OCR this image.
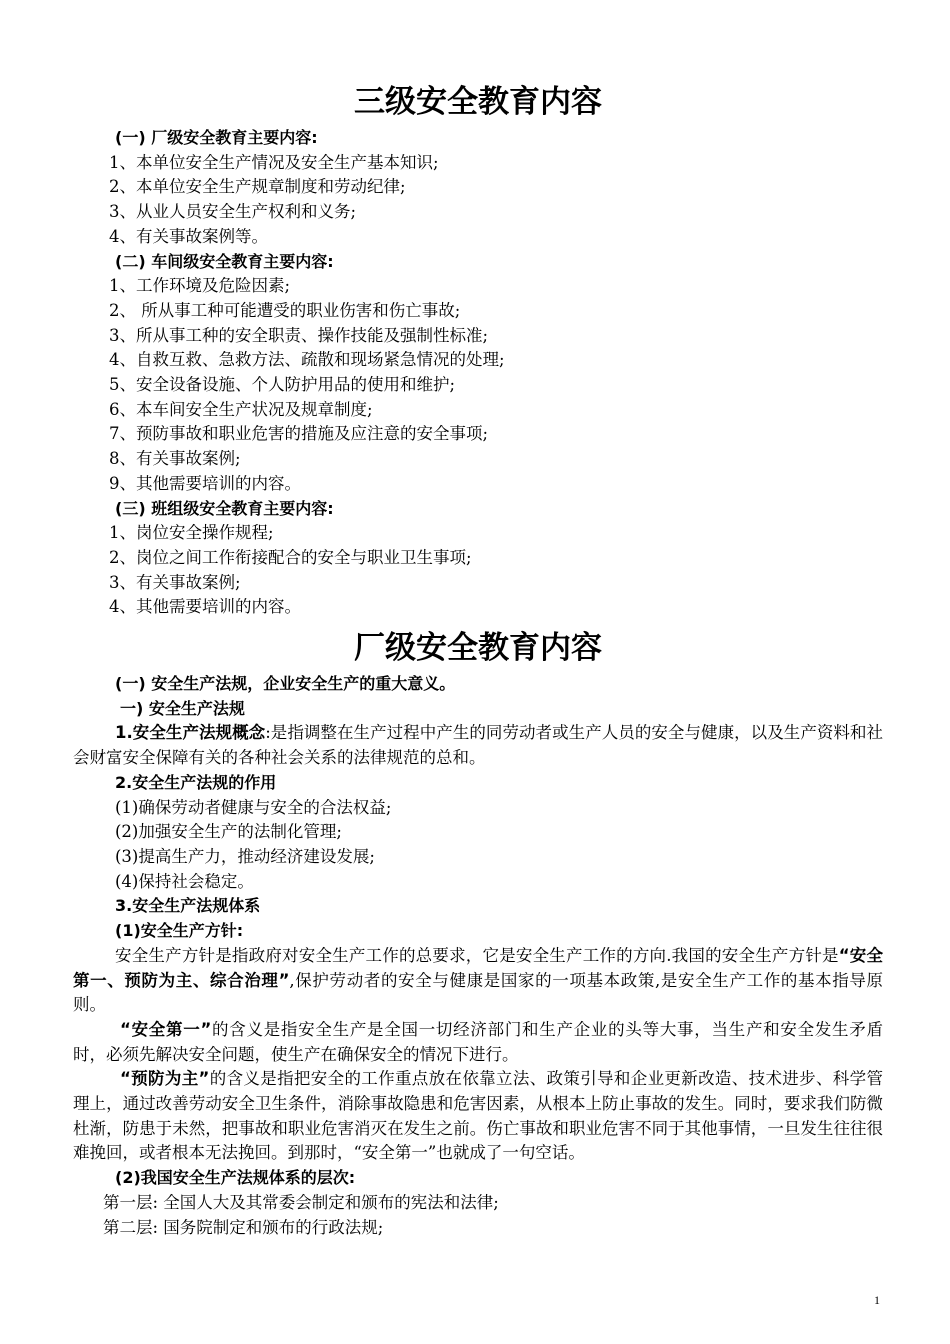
三级安全教育内容

(一) 厂级安全教育主要内容:

1、本单位安全生产情况及安全生产基本知识;

2、本单位安全生产规章制度和劳动纪律;

3、从业人员安全生产权利和义务;

4、有关事故案例等。

(二) 车间级安全教育主要内容:

1、工作环境及危险因素;

2、 所从事工种可能遭受的职业伤害和伤亡事故;

3、所从事工种的安全职责、操作技能及强制性标准;

4、自救互救、急救方法、疏散和现场紧急情况的处理;

5、安全设备设施、个人防护用品的使用和维护;

6、本车间安全生产状况及规章制度;

7、预防事故和职业危害的措施及应注意的安全事项;

8、有关事故案例;

9、其他需要培训的内容。

(三) 班组级安全教育主要内容:

1、岗位安全操作规程;

2、岗位之间工作衔接配合的安全与职业卫生事项;

3、有关事故案例;

4、其他需要培训的内容。

厂级安全教育内容

(一) 安全生产法规，企业安全生产的重大意义。

一) 安全生产法规

1.安全生产法规概念:是指调整在生产过程中产生的同劳动者或生产人员的安全与健康，以及生产资料和社会财富安全保障有关的各种社会关系的法律规范的总和。

2.安全生产法规的作用

(1)确保劳动者健康与安全的合法权益;

(2)加强安全生产的法制化管理;

(3)提高生产力，推动经济建设发展;

(4)保持社会稳定。

3.安全生产法规体系

(1)安全生产方针:

安全生产方针是指政府对安全生产工作的总要求，它是安全生产工作的方向.我国的安全生产方针是“安全第一、预防为主、综合治理”,保护劳动者的安全与健康是国家的一项基本政策,是安全生产工作的基本指导原则。

“安全第一”的含义是指安全生产是全国一切经济部门和生产企业的头等大事，当生产和安全发生矛盾时，必须先解决安全问题，使生产在确保安全的情况下进行。

“预防为主”的含义是指把安全的工作重点放在依靠立法、政策引导和企业更新改造、技术进步、科学管理上，通过改善劳动安全卫生条件，消除事故隐患和危害因素，从根本上防止事故的发生。同时，要求我们防微杜渐，防患于未然，把事故和职业危害消灭在发生之前。伤亡事故和职业危害不同于其他事情，一旦发生往往很难挽回，或者根本无法挽回。到那时，“安全第一”也就成了一句空话。

(2)我国安全生产法规体系的层次:

第一层: 全国人大及其常委会制定和颁布的宪法和法律;

第二层: 国务院制定和颁布的行政法规;

1
